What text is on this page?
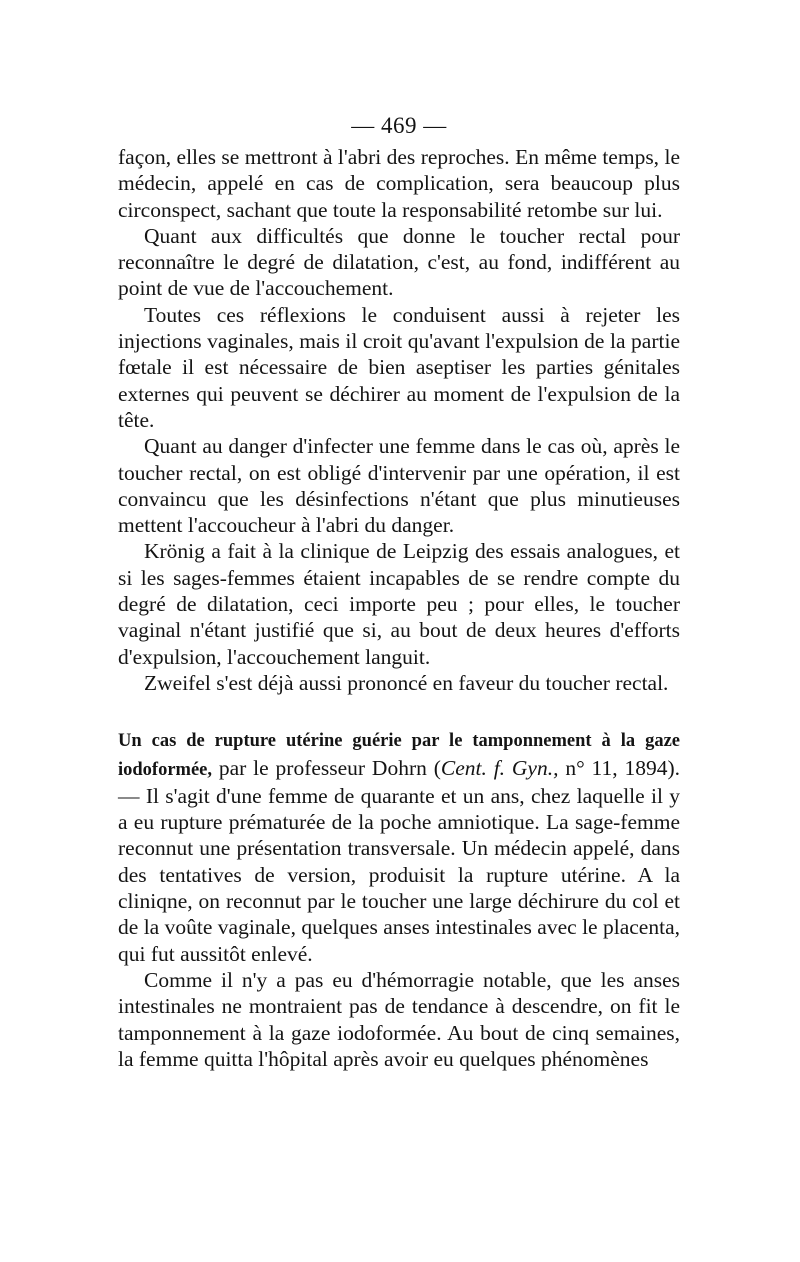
— 469 —

façon, elles se mettront à l'abri des reproches. En même temps, le médecin, appelé en cas de complication, sera beaucoup plus circonspect, sachant que toute la responsabilité retombe sur lui.

Quant aux difficultés que donne le toucher rectal pour reconnaître le degré de dilatation, c'est, au fond, indifférent au point de vue de l'accouchement.

Toutes ces réflexions le conduisent aussi à rejeter les injections vaginales, mais il croit qu'avant l'expulsion de la partie fœtale il est nécessaire de bien aseptiser les parties génitales externes qui peuvent se déchirer au moment de l'expulsion de la tête.

Quant au danger d'infecter une femme dans le cas où, après le toucher rectal, on est obligé d'intervenir par une opération, il est convaincu que les désinfections n'étant que plus minutieuses mettent l'accoucheur à l'abri du danger.

Krönig a fait à la clinique de Leipzig des essais analogues, et si les sages-femmes étaient incapables de se rendre compte du degré de dilatation, ceci importe peu ; pour elles, le toucher vaginal n'étant justifié que si, au bout de deux heures d'efforts d'expulsion, l'accouchement languit.

Zweifel s'est déjà aussi prononcé en faveur du toucher rectal.

Un cas de rupture utérine guérie par le tamponnement à la gaze iodoformée, par le professeur Dohrn (Cent. f. Gyn., n° 11, 1894). — Il s'agit d'une femme de quarante et un ans, chez laquelle il y a eu rupture prématurée de la poche amniotique. La sage-femme reconnut une présentation transversale. Un médecin appelé, dans des tentatives de version, produisit la rupture utérine. A la cliniqne, on reconnut par le toucher une large déchirure du col et de la voûte vaginale, quelques anses intestinales avec le placenta, qui fut aussitôt enlevé.

Comme il n'y a pas eu d'hémorragie notable, que les anses intestinales ne montraient pas de tendance à descendre, on fit le tamponnement à la gaze iodoformée. Au bout de cinq semaines, la femme quitta l'hôpital après avoir eu quelques phénomènes
